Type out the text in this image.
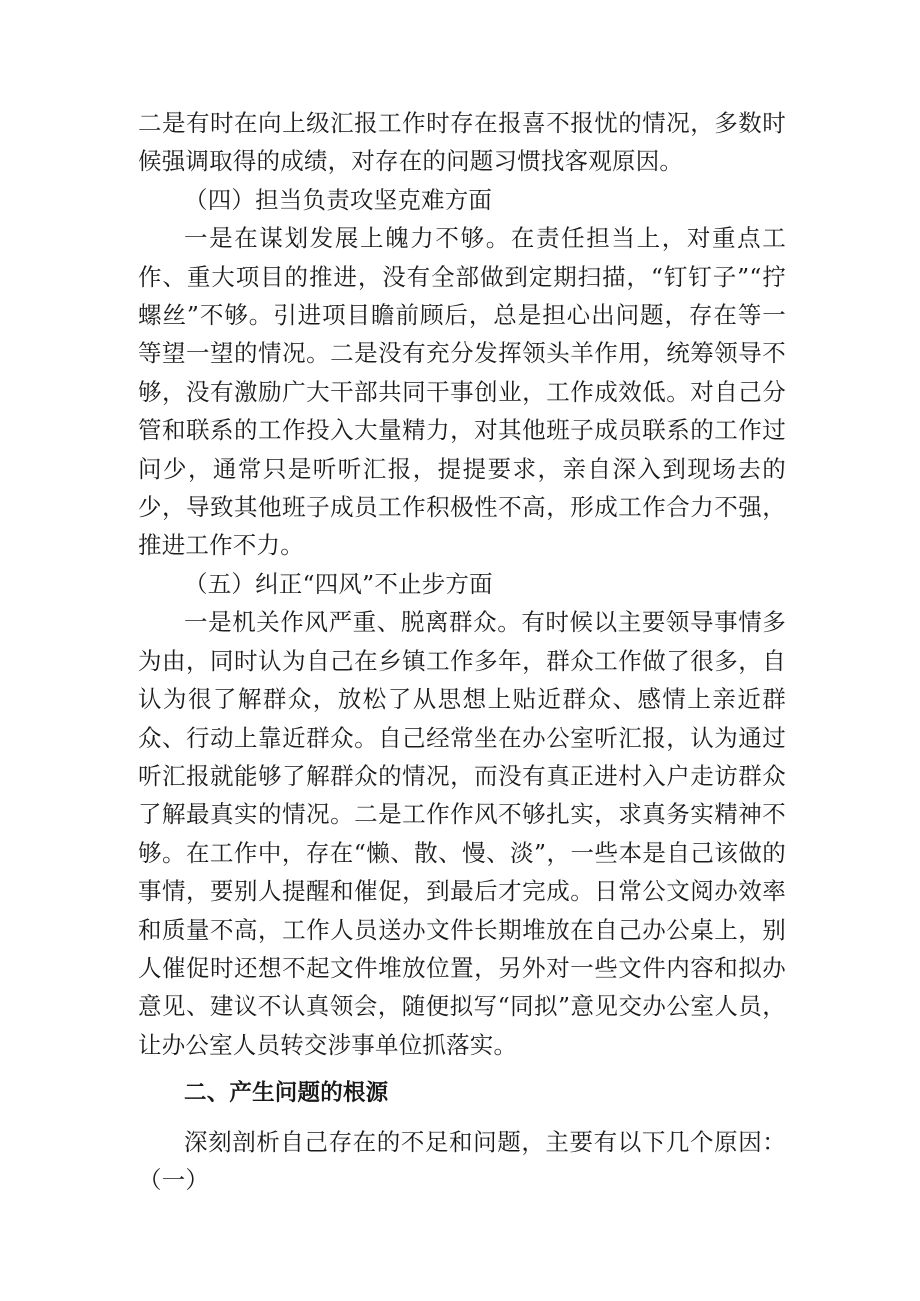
二是有时在向上级汇报工作时存在报喜不报忧的情况，多数时候强调取得的成绩，对存在的问题习惯找客观原因。

（四）担当负责攻坚克难方面

一是在谋划发展上魄力不够。在责任担当上，对重点工作、重大项目的推进，没有全部做到定期扫描，“钉钉子”“拧螺丝”不够。引进项目瞻前顾后，总是担心出问题，存在等一等望一望的情况。二是没有充分发挥领头羊作用，统筹领导不够，没有激励广大干部共同干事创业，工作成效低。对自己分管和联系的工作投入大量精力，对其他班子成员联系的工作过问少，通常只是听听汇报，提提要求，亲自深入到现场去的少，导致其他班子成员工作积极性不高，形成工作合力不强，推进工作不力。

（五）纠正“四风”不止步方面

一是机关作风严重、脱离群众。有时候以主要领导事情多为由，同时认为自己在乡镇工作多年，群众工作做了很多，自认为很了解群众，放松了从思想上贴近群众、感情上亲近群众、行动上靠近群众。自己经常坐在办公室听汇报，认为通过听汇报就能够了解群众的情况，而没有真正进村入户走访群众了解最真实的情况。二是工作作风不够扎实，求真务实精神不够。在工作中，存在“懒、散、慢、淡”，一些本是自己该做的事情，要别人提醒和催促，到最后才完成。日常公文阅办效率和质量不高，工作人员送办文件长期堆放在自己办公桌上，别人催促时还想不起文件堆放位置，另外对一些文件内容和拟办意见、建议不认真领会，随便拟写“同拟”意见交办公室人员，让办公室人员转交涉事单位抓落实。

二、产生问题的根源

深刻剖析自己存在的不足和问题，主要有以下几个原因：（一）
